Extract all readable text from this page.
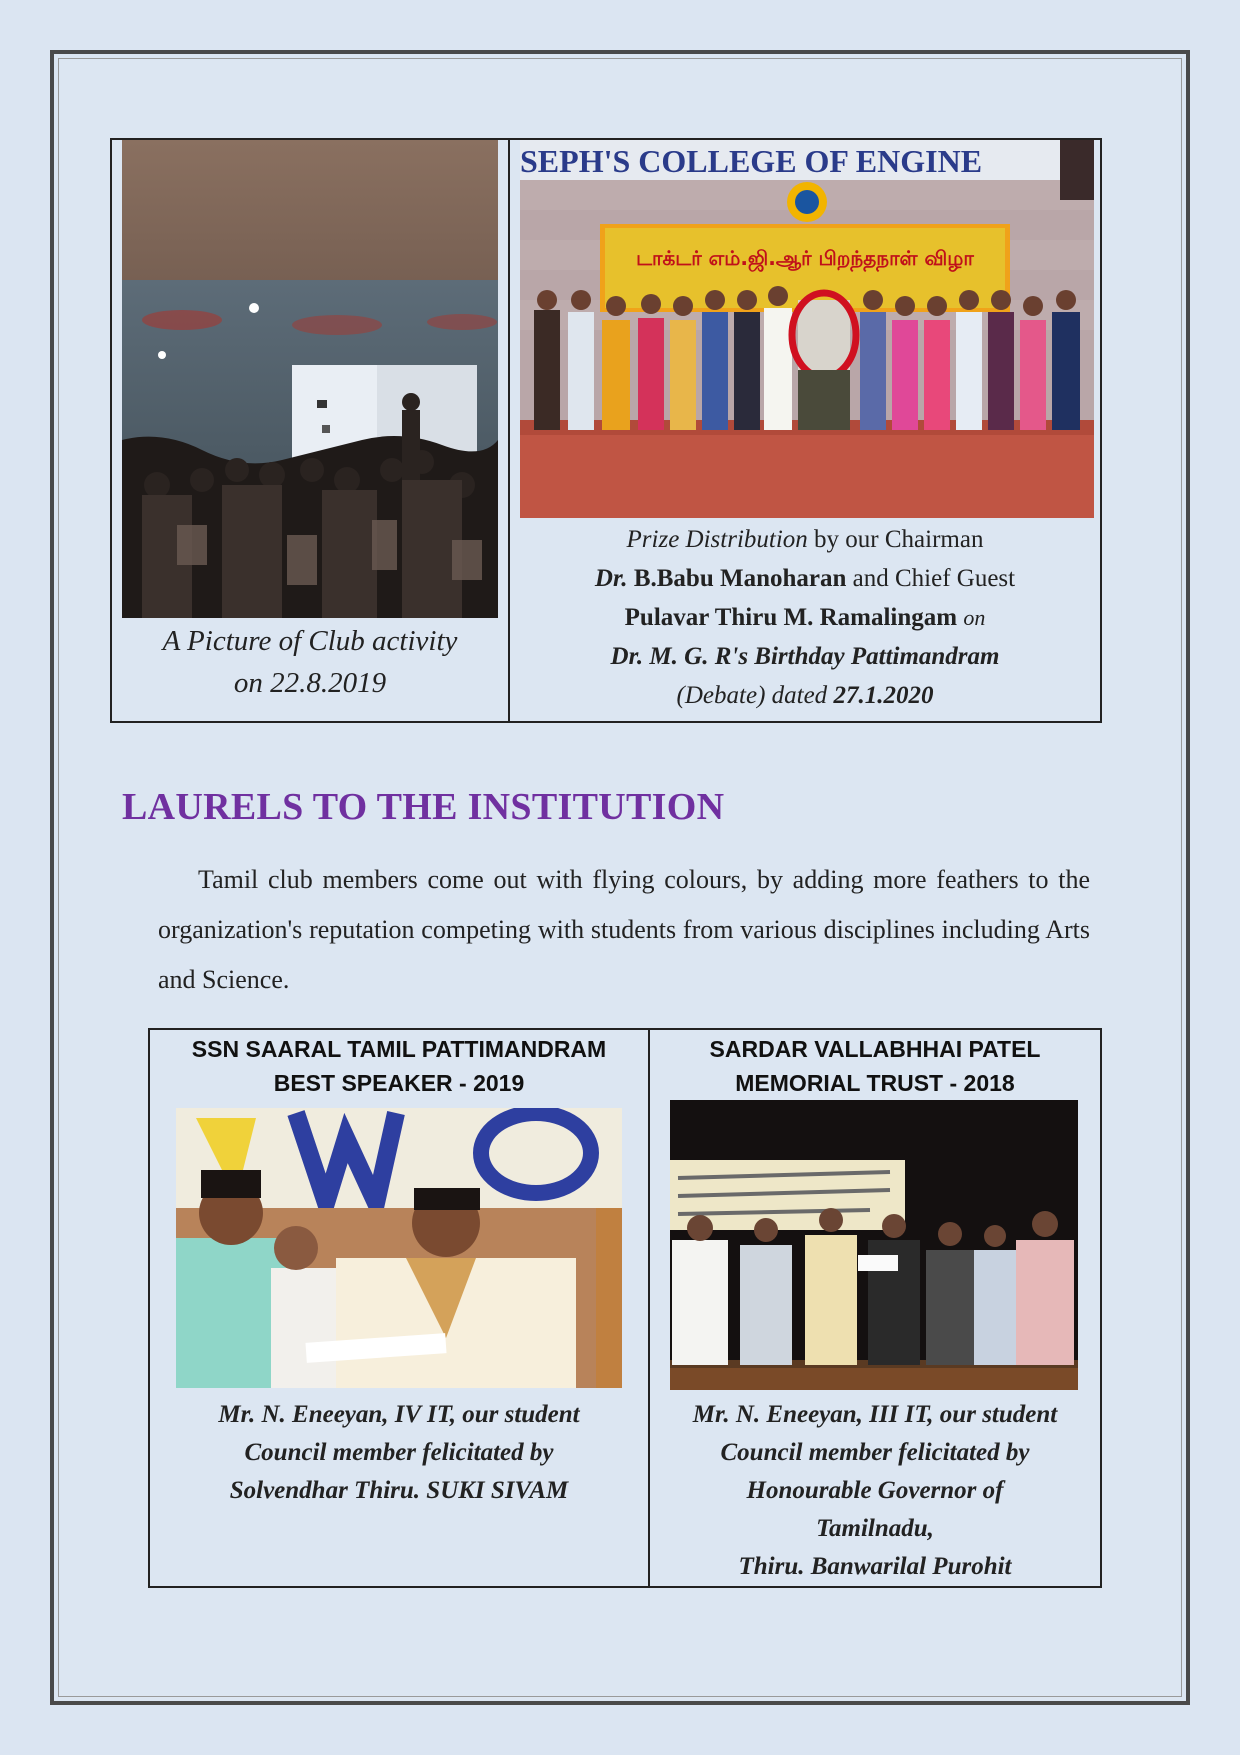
SEPH'S COLLEGE OF ENGINE
டாக்டர் எம்.ஜி.ஆர் பிறந்தநாள் விழா
A Picture of Club activity
on 22.8.2019
Prize Distribution by our Chairman
Dr. B.Babu Manoharan and Chief Guest
Pulavar Thiru M. Ramalingam on
Dr. M. G. R's Birthday Pattimandram
(Debate) dated 27.1.2020
LAURELS TO THE INSTITUTION
Tamil club members come out with flying colours, by adding more feathers to the organization's reputation competing with students from various disciplines including Arts and Science.
SSN SAARAL TAMIL PATTIMANDRAM
BEST SPEAKER - 2019
Mr. N. Eneeyan, IV IT, our student
Council member felicitated by
Solvendhar Thiru. SUKI SIVAM
SARDAR VALLABHHAI PATEL
MEMORIAL TRUST - 2018
Mr. N. Eneeyan, III IT, our student
Council member felicitated by
Honourable Governor of
Tamilnadu,
Thiru. Banwarilal Purohit
